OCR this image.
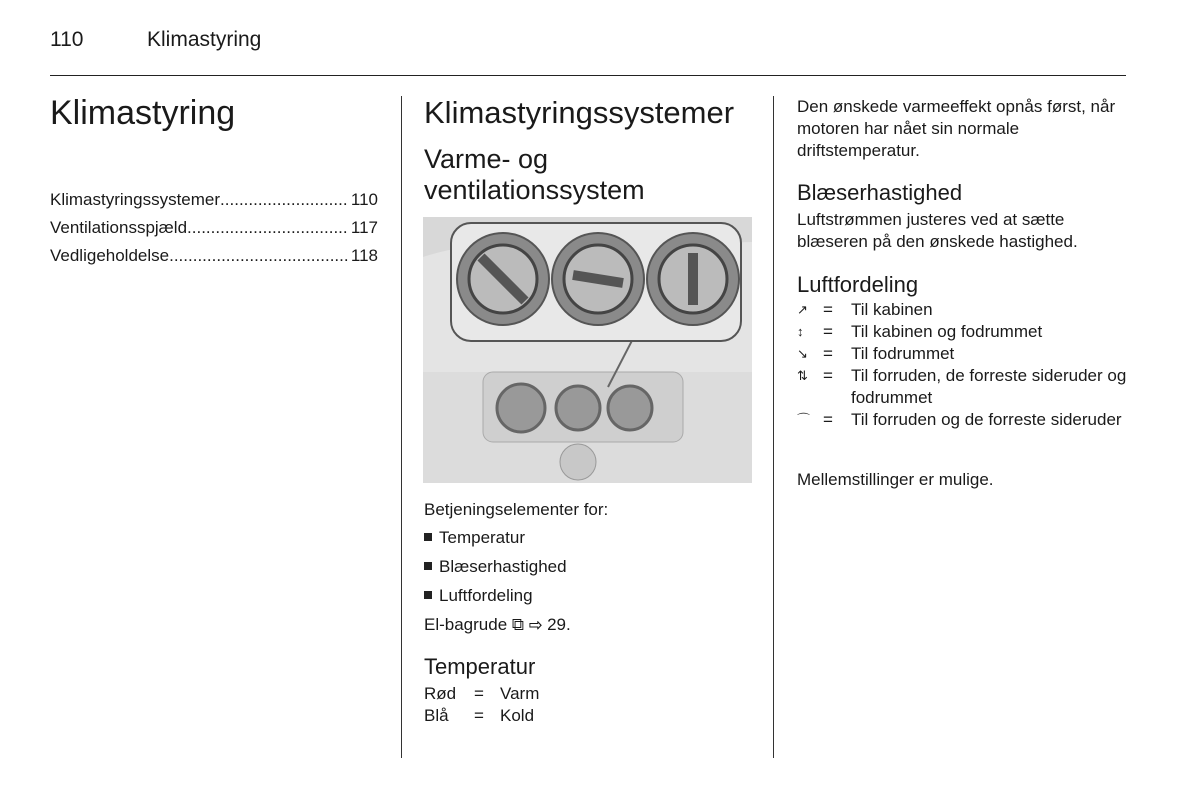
110	Klimastyring
Klimastyring
Klimastyringssystemer .....	110
Ventilationsspjæld .....	117
Vedligeholdelse .....	118
Klimastyringssystemer
Varme- og ventilationssystem
Betjeningselementer for:
Temperatur
Blæserhastighed
Luftfordeling
El-bagrude ⧉ ⇨ 29.
Temperatur
Rød = Varm
Blå = Kold
Den ønskede varmeeffekt opnås først, når motoren har nået sin normale driftstemperatur.
Blæserhastighed
Luftstrømmen justeres ved at sætte blæseren på den ønskede hastighed.
Luftfordeling
↗ =	Til kabinen
↕	=	Til kabinen og fodrummet
↘ =	Til fodrummet
⇅ =	Til forruden, de forreste sideruder og fodrummet
⌒ =	Til forruden og de forreste sideruder
Mellemstillinger er mulige.
